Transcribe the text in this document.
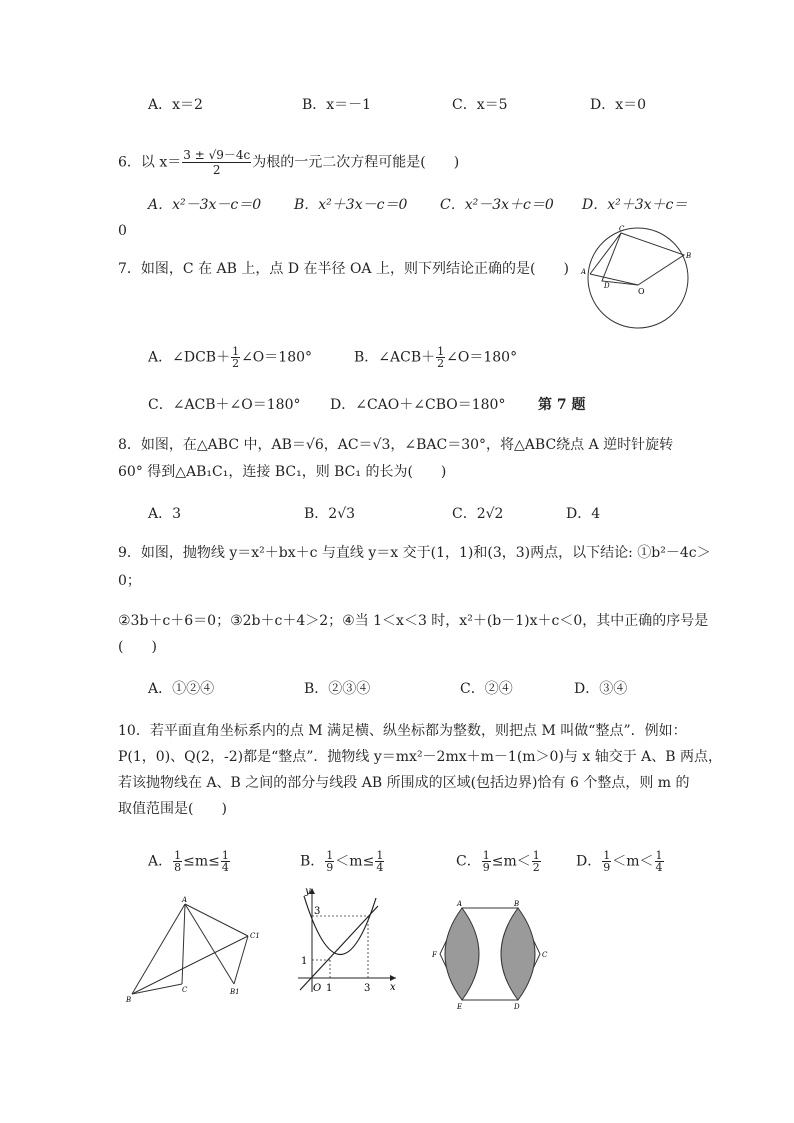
A．x＝2	B．x＝－1	C．x＝5	D．x＝0
6．以 $x= \frac{3 \pm √9-4c}{2}$ 为根的一元二次方程可能是(　　)
A．x²－3x－c＝0 B．x²＋3x－c＝0 C．x²－3x＋c＝0 D．x²＋3x＋c＝
0
7．如图，C 在 AB 上，点 D 在半径 OA 上，则下列结论正确的是(　　) A
B
C
D
O
A．∠DCB＋ $\frac{1}{2}$ ∠O＝180°	B．∠ACB＋ $\frac{1}{2}$ ∠O＝180°
C．∠ACB＋∠O＝180° D．∠CAO＋∠CBO＝180° 第 7 题
8．如图，在△ABC 中，AB＝√6，AC＝√3，∠BAC＝30°，将△ABC绕点 A 逆时针旋转
60° 得到△AB₁C₁，连接 BC₁，则 BC₁ 的长为(　　)
A．3	B．2√3	C．2√2	D．4
9．如图，抛物线 y＝x²＋bx＋c 与直线 y＝x 交于(1，1)和(3，3)两点，以下结论: ①b²－4c＞
0；
②3b＋c＋6＝0；③2b＋c＋4＞2；④当 1＜x＜3 时，x²＋(b－1)x＋c＜0，其中正确的序号是
(　　)
A．①②④	B．②③④	C．②④	D．③④
10．若平面直角坐标系内的点 M 满足横、纵坐标都为整数，则把点 M 叫做“整点”．例如：
P(1，0)、Q(2，-2)都是“整点”．抛物线 y＝mx²－2mx＋m－1(m＞0)与 x 轴交于 A、B 两点，
若该抛物线在 A、B 之间的部分与线段 AB 所围成的区域(包括边界)恰有 6 个整点，则 m 的
取值范围是(　　)
A． $\frac{1}{8} \le m\le \frac{1}{4}$	B． $\frac{1}{9} <m\le \frac{1}{4}$	C． $\frac{1}{9} \le m< \frac{1}{2}$	D． $\frac{1}{9} <m< \frac{1}{4}$
A
B
C
C1
B1
y
x
O 1	3
1
3
A	B
C
D
E
F
